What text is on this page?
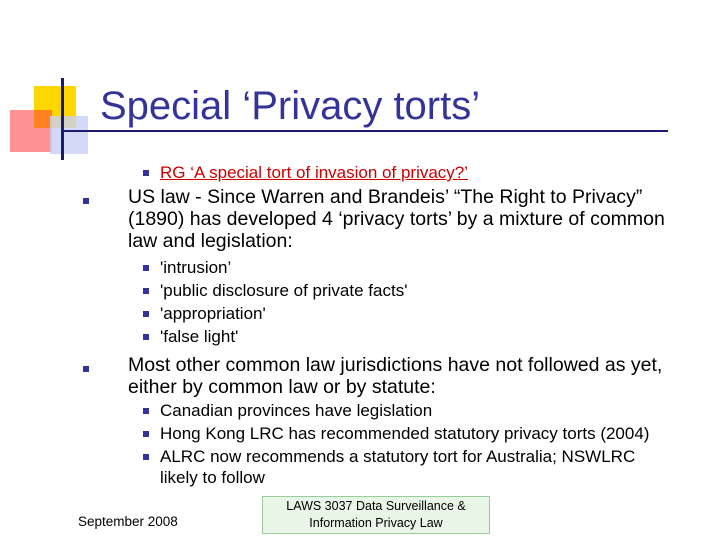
Special ‘Privacy torts’
RG ‘A special tort of invasion of privacy?’
US law - Since Warren and Brandeis’ “The Right to Privacy”
(1890) has developed 4 ‘privacy torts’ by a mixture of common
law and legislation:
'intrusion’
'public disclosure of private facts'
'appropriation'
'false light'
Most other common law jurisdictions have not followed as yet,
either by common law or by statute:
Canadian provinces have legislation
Hong Kong LRC has recommended statutory privacy torts (2004)
ALRC now recommends a statutory tort for Australia; NSWLRC
likely to follow
September 2008
LAWS 3037 Data Surveillance &
Information Privacy Law
